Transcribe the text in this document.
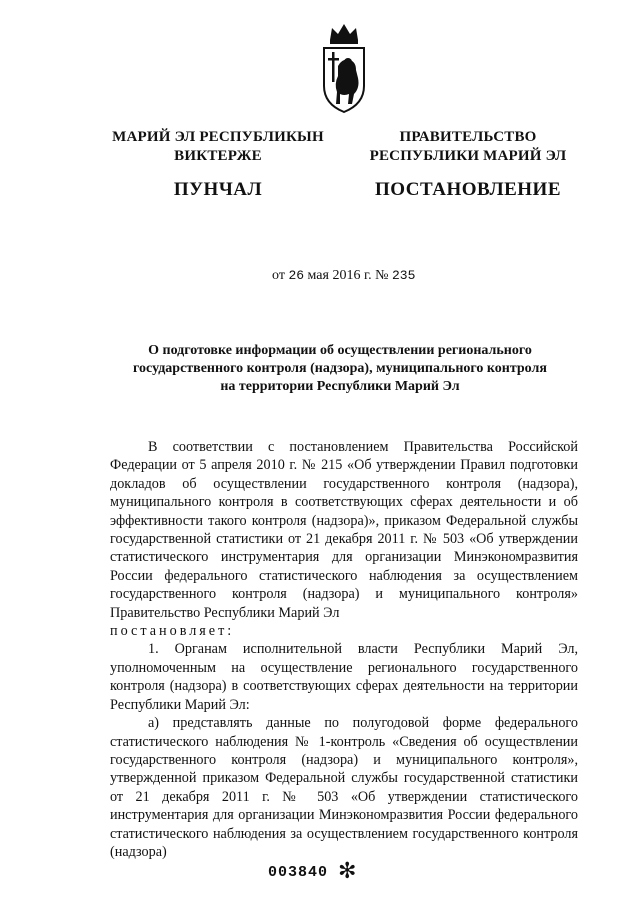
МАРИЙ ЭЛ РЕСПУБЛИКЫН
ВИКТЕРЖЕ
ПУНЧАЛ
ПРАВИТЕЛЬСТВО
РЕСПУБЛИКИ МАРИЙ ЭЛ
ПОСТАНОВЛЕНИЕ
от 26 мая 2016 г. № 235
О подготовке информации об осуществлении регионального
государственного контроля (надзора), муниципального контроля
на территории Республики Марий Эл

В соответствии с постановлением Правительства Российской Федерации от 5 апреля 2010 г. № 215 «Об утверждении Правил подготовки докладов об осуществлении государственного контроля (надзора), муниципального контроля в соответствующих сферах деятельности и об эффективности такого контроля (надзора)», приказом Федеральной службы государственной статистики от 21 декабря 2011 г. № 503 «Об утверждении статистического инструментария для организации Минэкономразвития России федерального статистического наблюдения за осуществлением государственного контроля (надзора) и муниципального контроля» Правительство Республики Марий Эл

постановляет:

1. Органам исполнительной власти Республики Марий Эл, уполномоченным на осуществление регионального государственного контроля (надзора) в соответствующих сферах деятельности на территории Республики Марий Эл:

а) представлять данные по полугодовой форме федерального статистического наблюдения № 1-контроль «Сведения об осуществлении государственного контроля (надзора) и муниципального контроля», утвержденной приказом Федеральной службы государственной статистики от 21 декабря 2011 г. № 503 «Об утверждении статистического инструментария для организации Минэкономразвития России федерального статистического наблюдения за осуществлением государственного контроля (надзора)

003840 ✻
